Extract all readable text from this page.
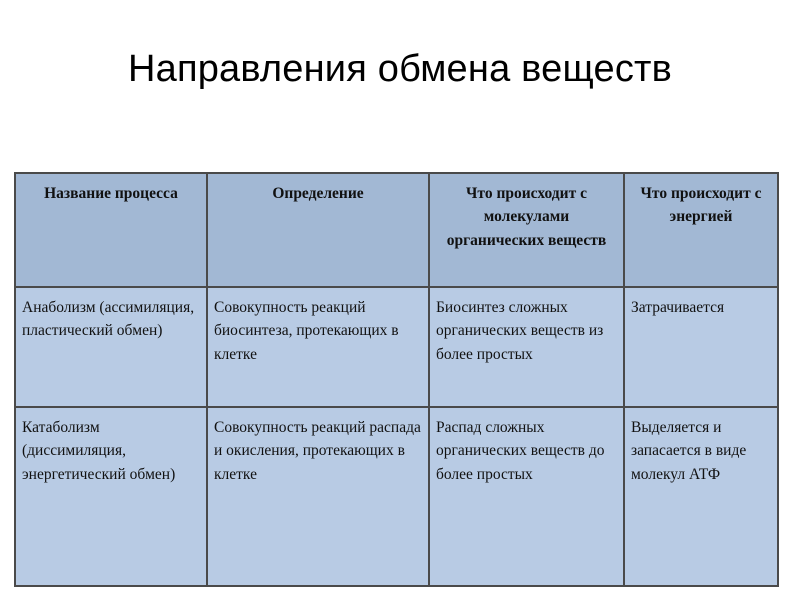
Направления обмена веществ
Название процесса	Определение	Что происходит с молекулами органических веществ	Что происходит с энергией
Анаболизм (ассимиляция, пластический обмен)	Совокупность реакций биосинтеза, протекающих в клетке	Биосинтез сложных органических веществ из более простых	Затрачивается
Катаболизм (диссимиляция, энергетический обмен)	Совокупность реакций распада и окисления, протекающих в клетке	Распад сложных органических веществ до более простых	Выделяется и запасается в виде молекул АТФ
